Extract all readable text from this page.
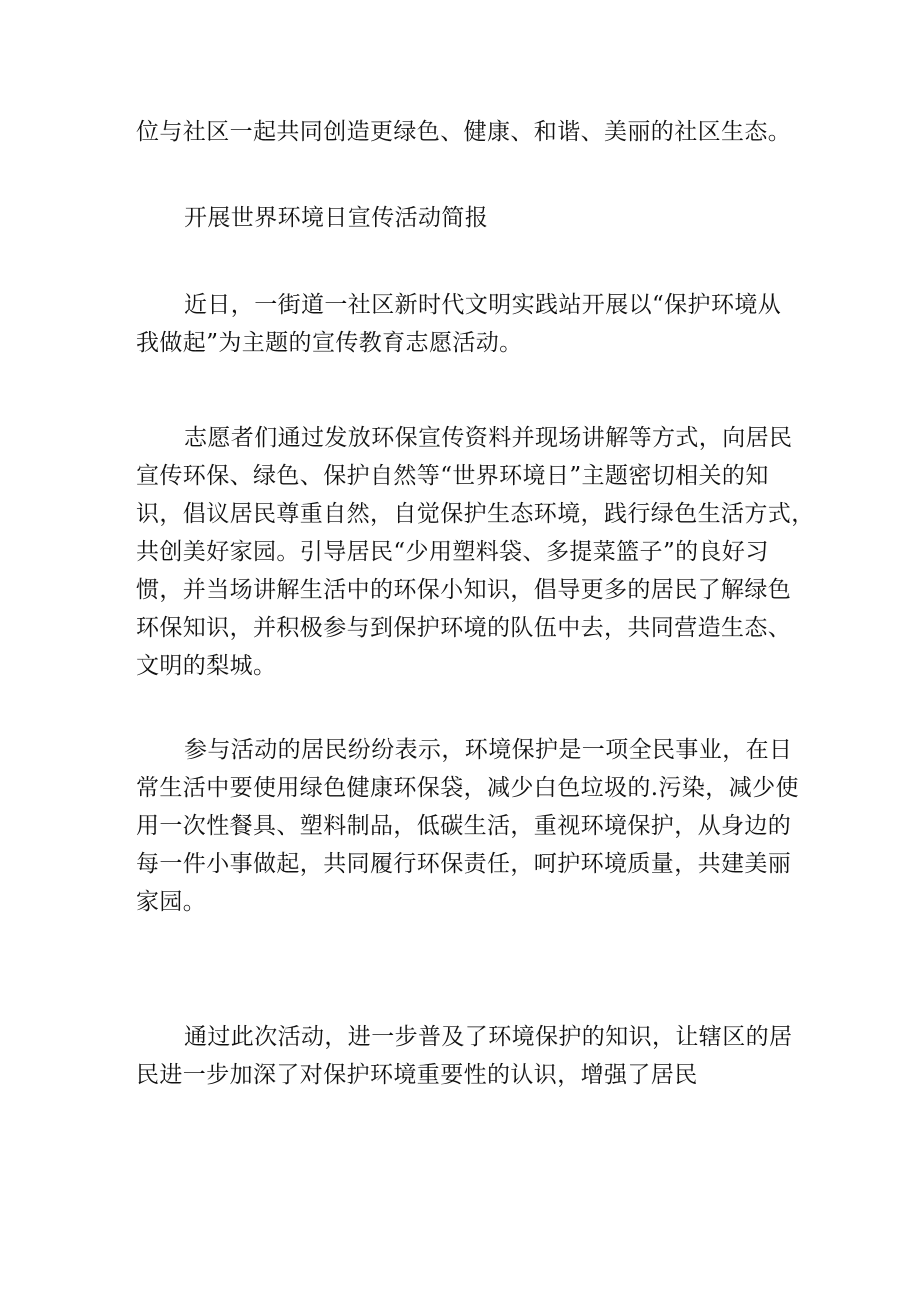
位与社区一起共同创造更绿色、健康、和谐、美丽的社区生态。

开展世界环境日宣传活动简报

近日，一街道一社区新时代文明实践站开展以“保护环境从
我做起”为主题的宣传教育志愿活动。

志愿者们通过发放环保宣传资料并现场讲解等方式，向居民
宣传环保、绿色、保护自然等“世界环境日”主题密切相关的知
识，倡议居民尊重自然，自觉保护生态环境，践行绿色生活方式，
共创美好家园。引导居民“少用塑料袋、多提菜篮子”的良好习
惯，并当场讲解生活中的环保小知识，倡导更多的居民了解绿色
环保知识，并积极参与到保护环境的队伍中去，共同营造生态、
文明的梨城。

参与活动的居民纷纷表示，环境保护是一项全民事业，在日
常生活中要使用绿色健康环保袋，减少白色垃圾的.污染，减少使
用一次性餐具、塑料制品，低碳生活，重视环境保护，从身边的
每一件小事做起，共同履行环保责任，呵护环境质量，共建美丽
家园。

通过此次活动，进一步普及了环境保护的知识，让辖区的居
民进一步加深了对保护环境重要性的认识，增强了居民
